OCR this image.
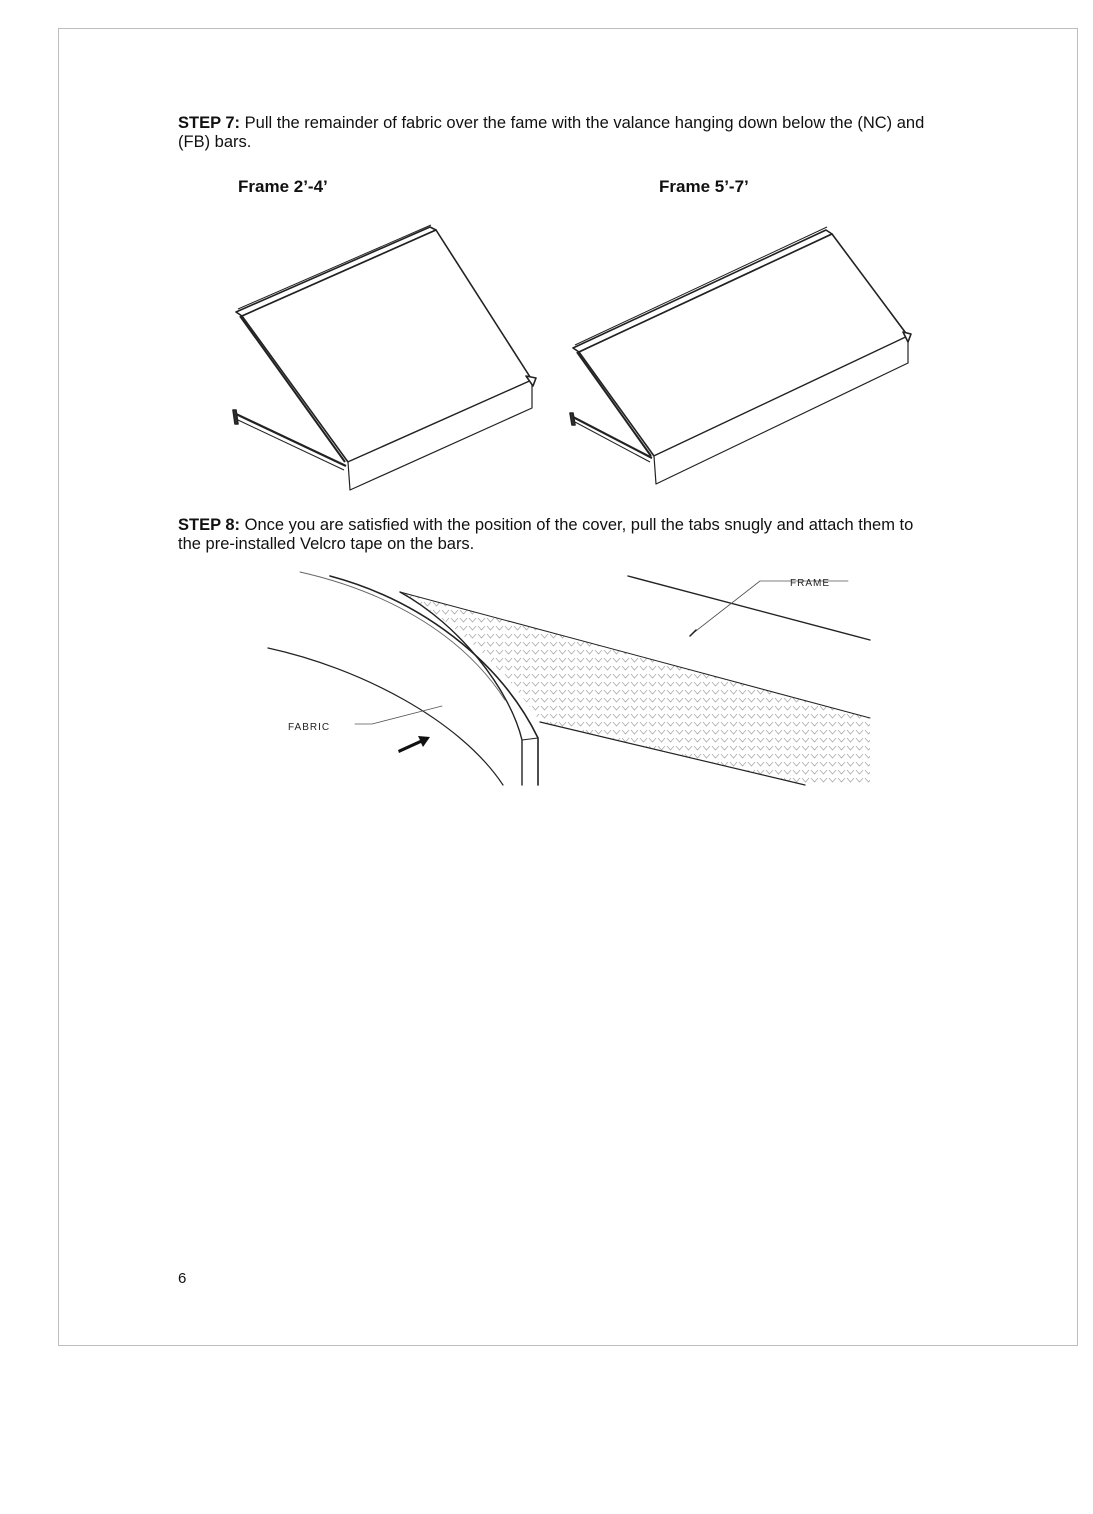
STEP 7: Pull the remainder of fabric over the fame with the valance hanging down below the (NC) and (FB) bars.
Frame 2’-4’	Frame 5’-7’
STEP 8: Once you are satisfied with the position of the cover, pull the tabs snugly and attach them to the pre-installed Velcro tape on the bars.
FRAME
FABRIC
6
